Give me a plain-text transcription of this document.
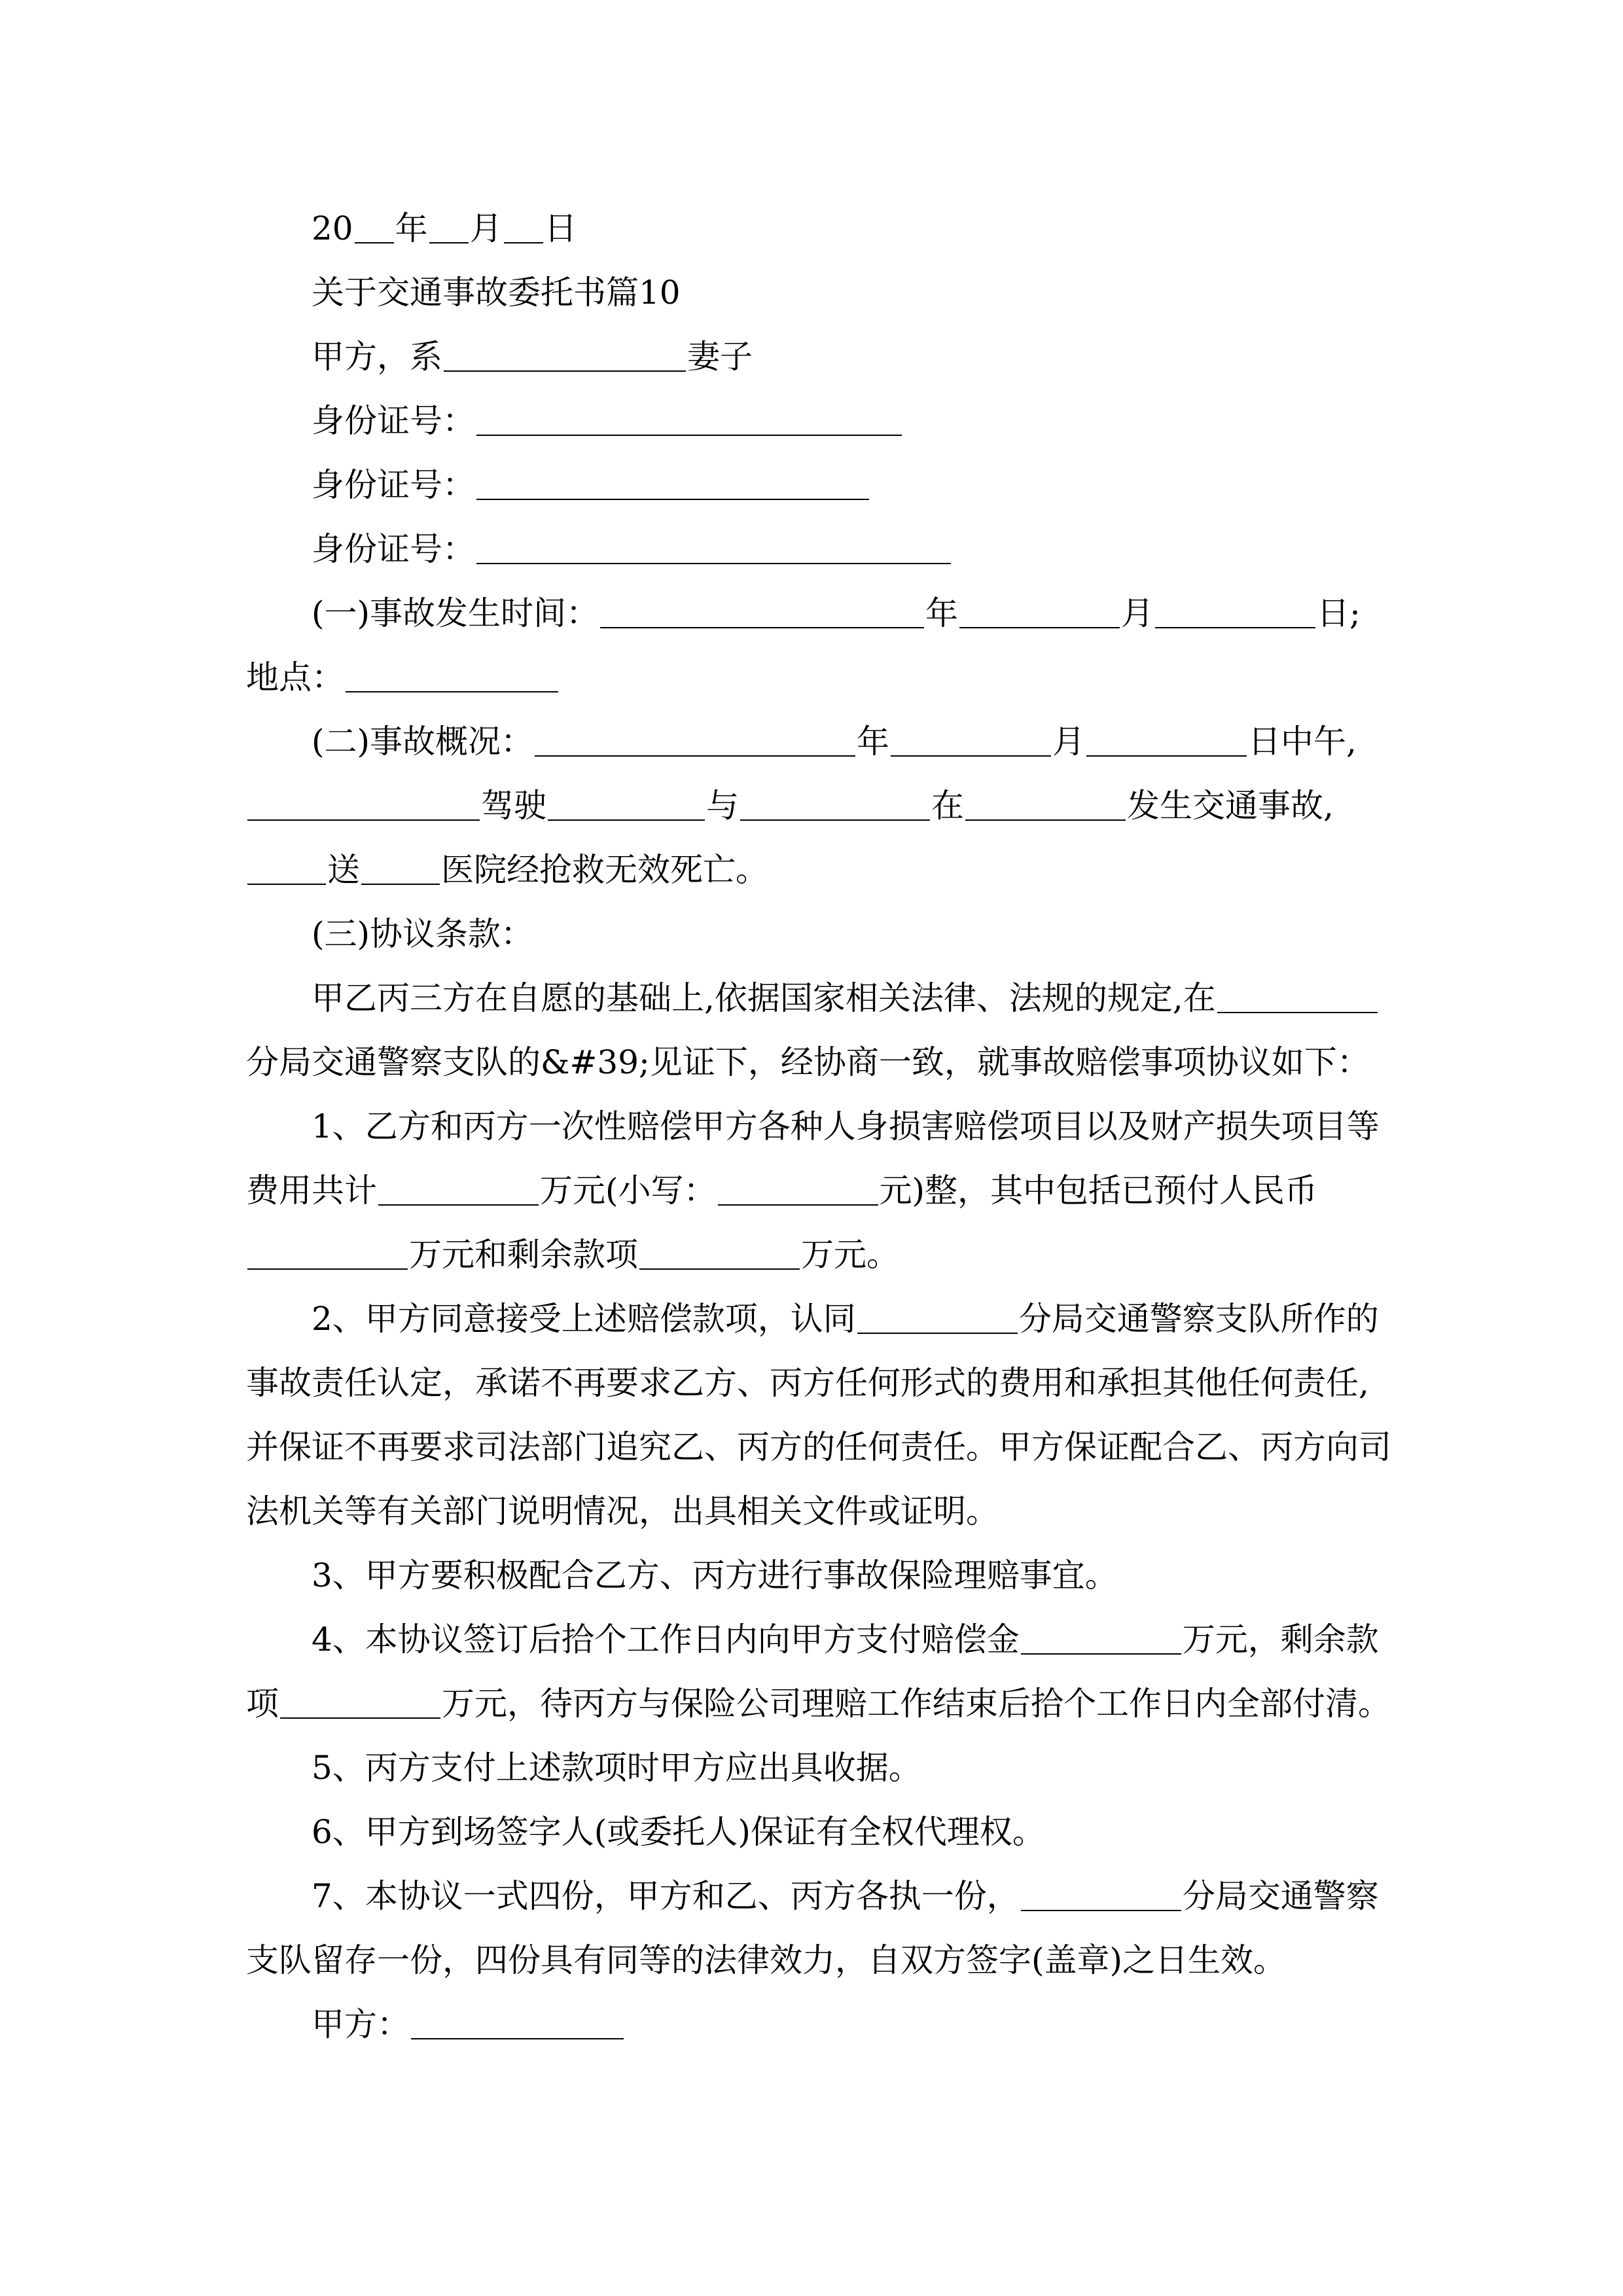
20 年 月 日
关于交通事故委托书篇10
甲方，系	妻子
身份证号：
身份证号：
身份证号：
(一)事故发生时间：	年	月	日;
地点：
(二)事故概况：	年	月	日中午,
驾驶	与	在	发生交通事故,
送 医院经抢救无效死亡。
(三)协议条款：
甲乙丙三方在自愿的基础上,依据国家相关法律、法规的规定,在
分局交通警察支队的&#39;见证下，经协商一致，就事故赔偿事项协议如下：
1、乙方和丙方一次性赔偿甲方各种人身损害赔偿项目以及财产损失项目等
费用共计	万元(小写：	元)整，其中包括已预付人民币
万元和剩余款项	万元。
2、甲方同意接受上述赔偿款项，认同	分局交通警察支队所作的
事故责任认定，承诺不再要求乙方、丙方任何形式的费用和承担其他任何责任,
并保证不再要求司法部门追究乙、丙方的任何责任。甲方保证配合乙、丙方向司
法机关等有关部门说明情况，出具相关文件或证明。
3、甲方要积极配合乙方、丙方进行事故保险理赔事宜。
4、本协议签订后拾个工作日内向甲方支付赔偿金	万元，剩余款
项	万元，待丙方与保险公司理赔工作结束后拾个工作日内全部付清。
5、丙方支付上述款项时甲方应出具收据。
6、甲方到场签字人(或委托人)保证有全权代理权。
7、本协议一式四份，甲方和乙、丙方各执一份，	分局交通警察
支队留存一份，四份具有同等的法律效力，自双方签字(盖章)之日生效。
甲方：
